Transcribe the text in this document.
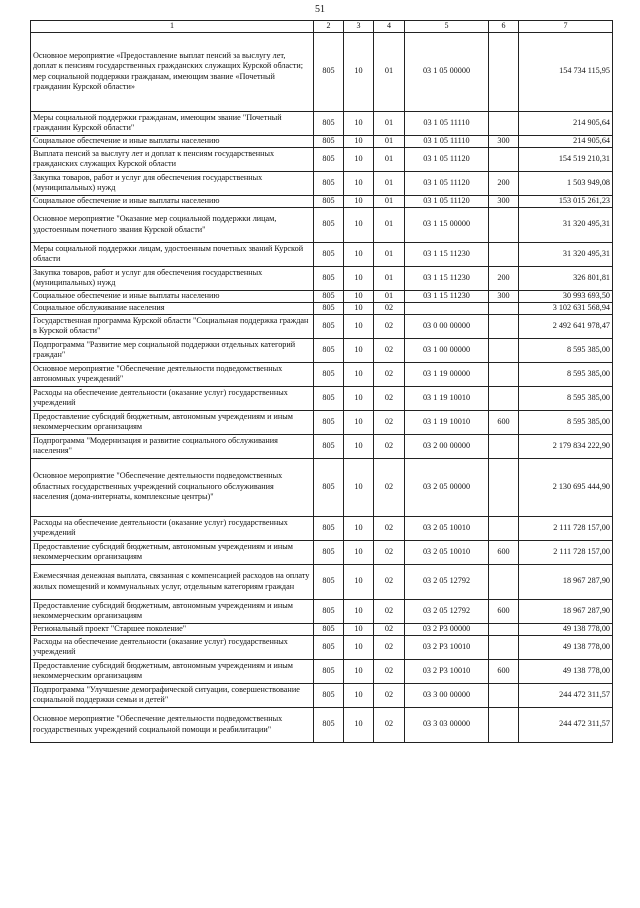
51
1	2	3	4	5	6	7
Основное мероприятие «Предоставление выплат пенсий за выслугу лет, доплат к пенсиям государственных гражданских служащих Курской области; мер социальной поддержки гражданам, имеющим звание «Почетный гражданин Курской области»	805	10	01	03 1 05 00000		154 734 115,95
Меры социальной поддержки гражданам, имеющим звание "Почетный гражданин Курской области"	805	10	01	03 1 05 11110		214 905,64
Социальное обеспечение и иные выплаты населению	805	10	01	03 1 05 11110	300	214 905,64
Выплата пенсий за выслугу лет и доплат к пенсиям государственных гражданских служащих Курской области	805	10	01	03 1 05 11120		154 519 210,31
Закупка товаров, работ и услуг для обеспечения государственных (муниципальных) нужд	805	10	01	03 1 05 11120	200	1 503 949,08
Социальное обеспечение и иные выплаты населению	805	10	01	03 1 05 11120	300	153 015 261,23
Основное мероприятие "Оказание мер социальной поддержки лицам, удостоенным почетного звания Курской области"	805	10	01	03 1 15 00000		31 320 495,31
Меры социальной поддержки лицам, удостоенным почетных званий Курской области	805	10	01	03 1 15 11230		31 320 495,31
Закупка товаров, работ и услуг для обеспечения государственных (муниципальных) нужд	805	10	01	03 1 15 11230	200	326 801,81
Социальное обеспечение и иные выплаты населению	805	10	01	03 1 15 11230	300	30 993 693,50
Социальное обслуживание населения	805	10	02			3 102 631 568,94
Государственная программа Курской области "Социальная поддержка граждан в Курской области"	805	10	02	03 0 00 00000		2 492 641 978,47
Подпрограмма "Развитие мер социальной поддержки отдельных категорий граждан"	805	10	02	03 1 00 00000		8 595 385,00
Основное мероприятие "Обеспечение деятельности подведомственных автономных учреждений"	805	10	02	03 1 19 00000		8 595 385,00
Расходы на обеспечение деятельности (оказание услуг) государственных учреждений	805	10	02	03 1 19 10010		8 595 385,00
Предоставление субсидий бюджетным, автономным учреждениям и иным некоммерческим организациям	805	10	02	03 1 19 10010	600	8 595 385,00
Подпрограмма "Модернизация и развитие социального обслуживания населения"	805	10	02	03 2 00 00000		2 179 834 222,90
Основное мероприятие "Обеспечение деятельности подведомственных областных государственных учреждений социального обслуживания населения (дома-интернаты, комплексные центры)"	805	10	02	03 2 05 00000		2 130 695 444,90
Расходы на обеспечение деятельности (оказание услуг) государственных учреждений	805	10	02	03 2 05 10010		2 111 728 157,00
Предоставление субсидий бюджетным, автономным учреждениям и иным некоммерческим организациям	805	10	02	03 2 05 10010	600	2 111 728 157,00
Ежемесячная денежная выплата, связанная с компенсацией расходов на оплату жилых помещений и коммунальных услуг, отдельным категориям граждан	805	10	02	03 2 05 12792		18 967 287,90
Предоставление субсидий бюджетным, автономным учреждениям и иным некоммерческим организациям	805	10	02	03 2 05 12792	600	18 967 287,90
Региональный проект "Старшее поколение"	805	10	02	03 2 P3 00000		49 138 778,00
Расходы на обеспечение деятельности (оказание услуг) государственных учреждений	805	10	02	03 2 P3 10010		49 138 778,00
Предоставление субсидий бюджетным, автономным учреждениям и иным некоммерческим организациям	805	10	02	03 2 P3 10010	600	49 138 778,00
Подпрограмма "Улучшение демографической ситуации, совершенствование социальной поддержки семьи и детей"	805	10	02	03 3 00 00000		244 472 311,57
Основное мероприятие "Обеспечение деятельности подведомственных государственных учреждений социальной помощи и реабилитации"	805	10	02	03 3 03 00000		244 472 311,57
